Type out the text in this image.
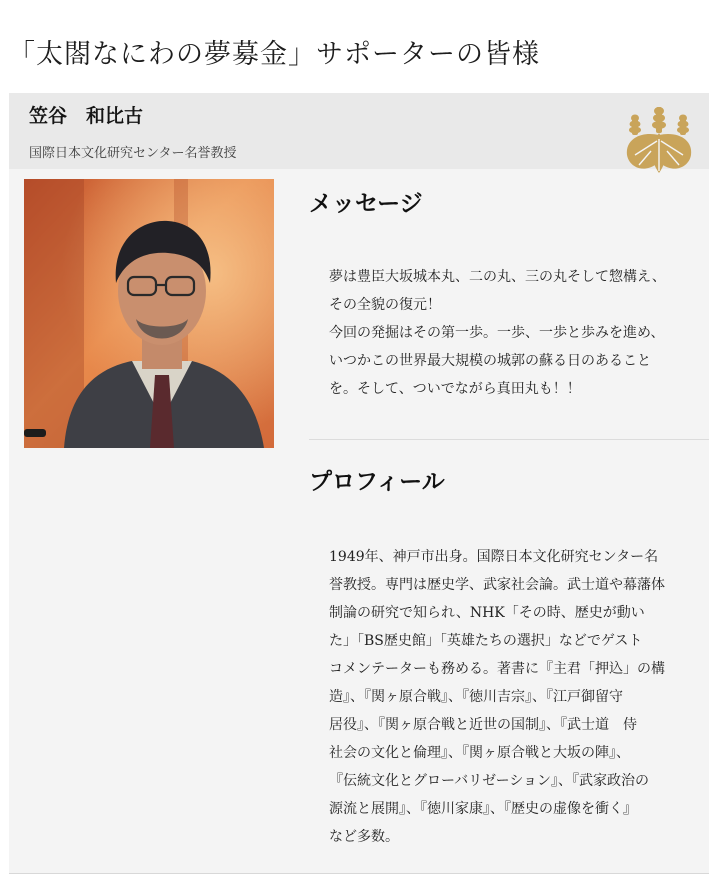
「太閤なにわの夢募金」サポーターの皆様
笠谷　和比古
国際日本文化研究センター名誉教授
メッセージ

夢は豊臣大坂城本丸、二の丸、三の丸そして惣構え、

その全貌の復元！

今回の発掘はその第一歩。一歩、一歩と歩みを進め、

いつかこの世界最大規模の城郭の蘇る日のあること

を。そして、ついでながら真田丸も！！

プロフィール

1949年、神戸市出身。国際日本文化研究センター名

誉教授。専門は歴史学、武家社会論。武士道や幕藩体

制論の研究で知られ、NHK「その時、歴史が動い

た」「BS歴史館」「英雄たちの選択」などでゲスト

コメンテーターも務める。著書に『主君「押込」の構

造』、『関ヶ原合戦』、『徳川吉宗』、『江戸御留守

居役』、『関ヶ原合戦と近世の国制』、『武士道　侍

社会の文化と倫理』、『関ヶ原合戦と大坂の陣』、

『伝統文化とグローバリゼーション』、『武家政治の

源流と展開』、『徳川家康』、『歴史の虚像を衝く』

など多数。
